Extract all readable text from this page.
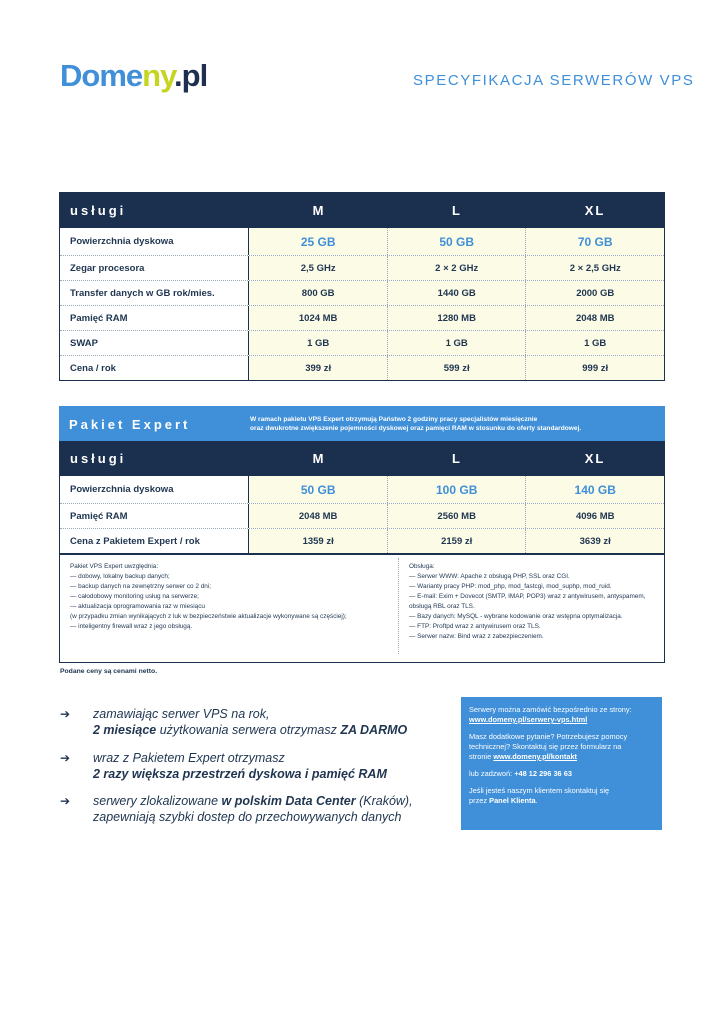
Domeny.pl	SPECYFIKACJA SERWERÓW VPS
usługi	M	L	XL
Powierzchnia dyskowa	25 GB	50 GB	70 GB
Zegar procesora	2,5 GHz	2 × 2 GHz	2 × 2,5 GHz
Transfer danych w GB rok/mies.	800 GB	1440 GB	2000 GB
Pamięć RAM	1024 MB	1280 MB	2048 MB
SWAP	1 GB	1 GB	1 GB
Cena / rok	399 zł	599 zł	999 zł
Pakiet Expert	W ramach pakietu VPS Expert otrzymują Państwo 2 godziny pracy specjalistów miesięcznie
oraz dwukrotne zwiększenie pojemności dyskowej oraz pamięci RAM w stosunku do oferty standardowej.
usługi	M	L	XL
Powierzchnia dyskowa	50 GB	100 GB	140 GB
Pamięć RAM	2048 MB	2560 MB	4096 MB
Cena z Pakietem Expert / rok	1359 zł	2159 zł	3639 zł
Pakiet VPS Expert uwzględnia:
— dobowy, lokalny backup danych;
— backup danych na zewnętrzny serwer co 2 dni;
— całodobowy monitoring usług na serwerze;
— aktualizacja oprogramowania raz w miesiącu
(w przypadku zmian wynikających z luk w bezpieczeństwie aktualizacje wykonywane są częściej);
— inteligentny firewall wraz z jego obsługą.
Obsługa:
— Serwer WWW: Apache z obsługą PHP, SSL oraz CGI.
— Warianty pracy PHP: mod_php, mod_fastcgi, mod_suphp, mod_ruid.
— E-mail: Exim + Dovecot (SMTP, IMAP, POP3) wraz z antywirusem, antyspamem,
obsługą RBL oraz TLS.
— Bazy danych: MySQL - wybrane kodowanie oraz wstępna optymalizacja.
— FTP: Proftpd wraz z antywirusem oraz TLS.
— Serwer nazw: Bind wraz z zabezpieczeniem.
Podane ceny są cenami netto.
➔ zamawiając serwer VPS na rok,
2 miesiące użytkowania serwera otrzymasz ZA DARMO
➔ wraz z Pakietem Expert otrzymasz
2 razy większa przestrzeń dyskowa i pamięć RAM
➔ serwery zlokalizowane w polskim Data Center (Kraków),
zapewniają szybki dostep do przechowywanych danych

Serwery można zamówić bezpośrednio ze strony:
www.domeny.pl/serwery-vps.html

Masz dodatkowe pytanie? Potrzebujesz pomocy
technicznej? Skontaktuj się przez formularz na
stronie www.domeny.pl/kontakt

lub zadzwoń: +48 12 296 36 63

Jeśli jesteś naszym klientem skontaktuj się
przez Panel Klienta.
